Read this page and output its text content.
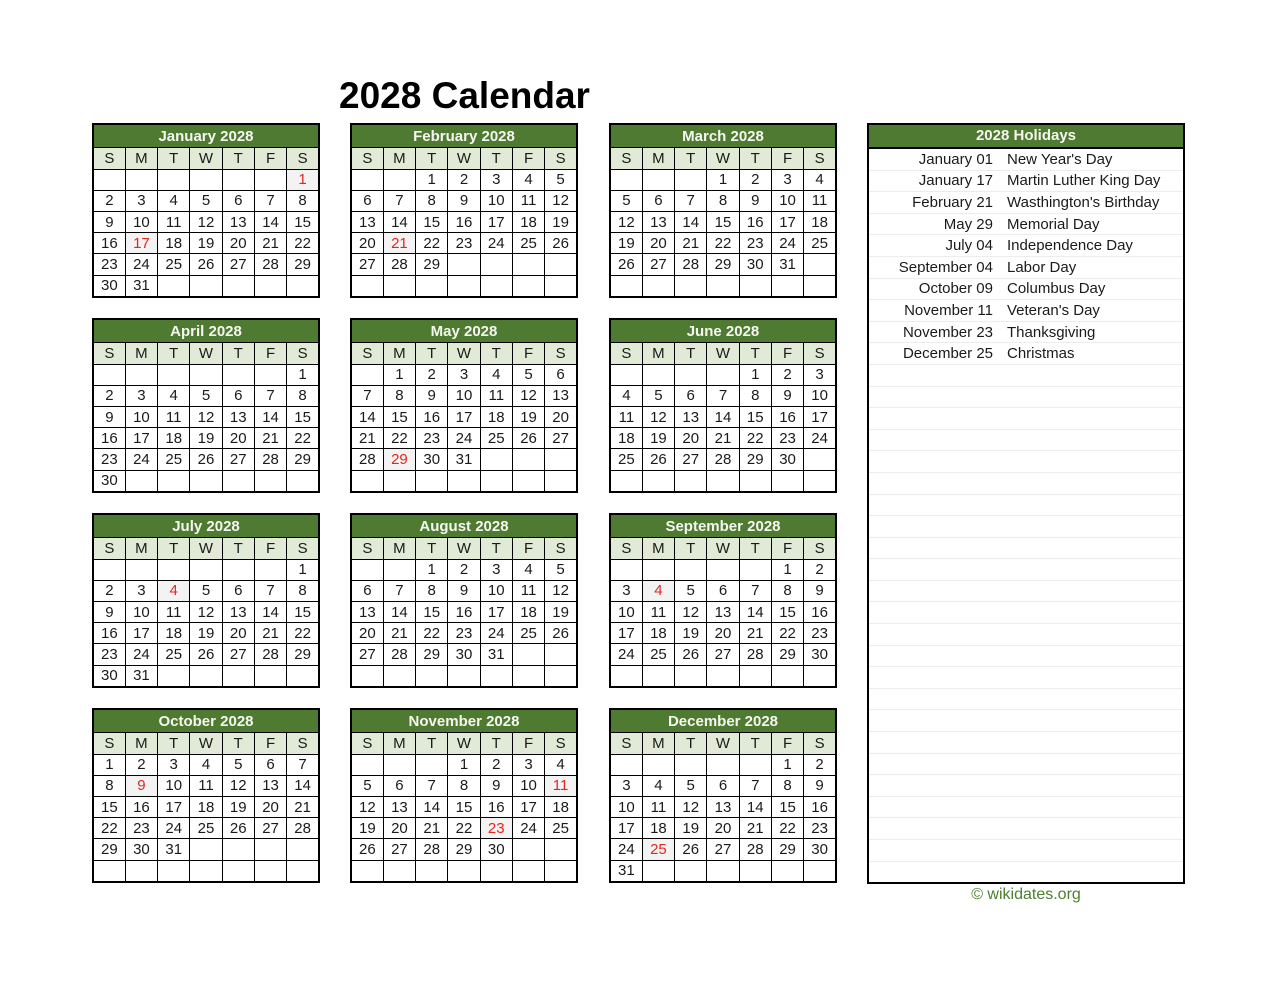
2028 Calendar
January 2028						
S	M	T	W	T	F	S
						1
2	3	4	5	6	7	8
9	10	11	12	13	14	15
16	17	18	19	20	21	22
23	24	25	26	27	28	29
30	31					
February 2028						
S	M	T	W	T	F	S
		1	2	3	4	5
6	7	8	9	10	11	12
13	14	15	16	17	18	19
20	21	22	23	24	25	26
27	28	29				

March 2028						
S	M	T	W	T	F	S
			1	2	3	4
5	6	7	8	9	10	11
12	13	14	15	16	17	18
19	20	21	22	23	24	25
26	27	28	29	30	31	

April 2028						
S	M	T	W	T	F	S
						1
2	3	4	5	6	7	8
9	10	11	12	13	14	15
16	17	18	19	20	21	22
23	24	25	26	27	28	29
30						
May 2028						
S	M	T	W	T	F	S
	1	2	3	4	5	6
7	8	9	10	11	12	13
14	15	16	17	18	19	20
21	22	23	24	25	26	27
28	29	30	31			

June 2028						
S	M	T	W	T	F	S
				1	2	3
4	5	6	7	8	9	10
11	12	13	14	15	16	17
18	19	20	21	22	23	24
25	26	27	28	29	30	

July 2028						
S	M	T	W	T	F	S
						1
2	3	4	5	6	7	8
9	10	11	12	13	14	15
16	17	18	19	20	21	22
23	24	25	26	27	28	29
30	31					
August 2028						
S	M	T	W	T	F	S
		1	2	3	4	5
6	7	8	9	10	11	12
13	14	15	16	17	18	19
20	21	22	23	24	25	26
27	28	29	30	31		

September 2028						
S	M	T	W	T	F	S
					1	2
3	4	5	6	7	8	9
10	11	12	13	14	15	16
17	18	19	20	21	22	23
24	25	26	27	28	29	30

October 2028						
S	M	T	W	T	F	S
1	2	3	4	5	6	7
8	9	10	11	12	13	14
15	16	17	18	19	20	21
22	23	24	25	26	27	28
29	30	31				

November 2028						
S	M	T	W	T	F	S
			1	2	3	4
5	6	7	8	9	10	11
12	13	14	15	16	17	18
19	20	21	22	23	24	25
26	27	28	29	30		

December 2028						
S	M	T	W	T	F	S
					1	2
3	4	5	6	7	8	9
10	11	12	13	14	15	16
17	18	19	20	21	22	23
24	25	26	27	28	29	30
31						
2028 Holidays
January 01 New Year's Day
January 17 Martin Luther King Day
February 21 Wasthington's Birthday
May 29 Memorial Day
July 04 Independence Day
September 04 Labor Day
October 09 Columbus Day
November 11 Veteran's Day
November 23 Thanksgiving
December 25 Christmas
© wikidates.org
